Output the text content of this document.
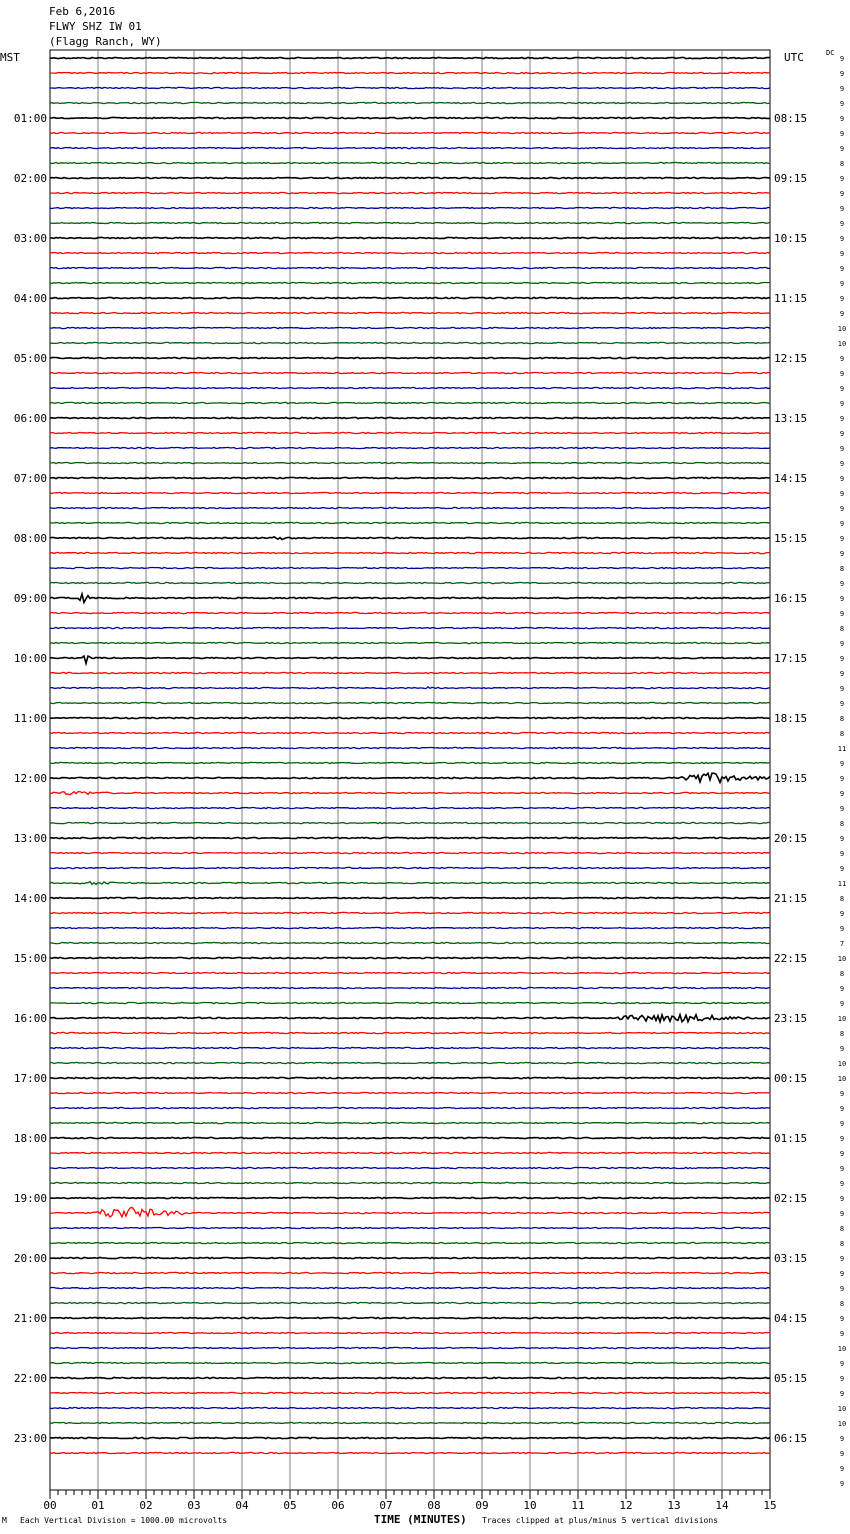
Feb 6,2016
FLWY SHZ IW 01
(Flagg Ranch, WY)
MST	UTC	DC
00	01	02	03	04	05	06	07	08	09	10	11	12	13	14	15
01:00
02:00
03:00
04:00
05:00
06:00
07:00
08:00
09:00
10:00
11:00
12:00
13:00
14:00
15:00
16:00
17:00
18:00
19:00
20:00
21:00
22:00
23:00
08:15
09:15
10:15
11:15
12:15
13:15
14:15
15:15
16:15
17:15
18:15
19:15
20:15
21:15
22:15
23:15
00:15
01:15
02:15
03:15
04:15
05:15
06:15
9
9
9
9
9
9
9
8
9
9
9
9
9
9
9
9
9
9
10
10
9
9
9
9
9
9
9
9
9
9
9
9
9
9
8
9
9
9
8
9
9
9
9
9
8
8
11
9
9
9
9
8
9
9
9
11
8
9
9
7
10
8
9
9
10
8
9
10
10
9
9
9
9
9
9
9
9
9
8
8
9
9
9
8
9
9
10
9
9
9
10
10
9
9
9
9
M Each Vertical Division = 1000.00 microvolts	TIME (MINUTES) Traces clipped at plus/minus 5 vertical divisions
